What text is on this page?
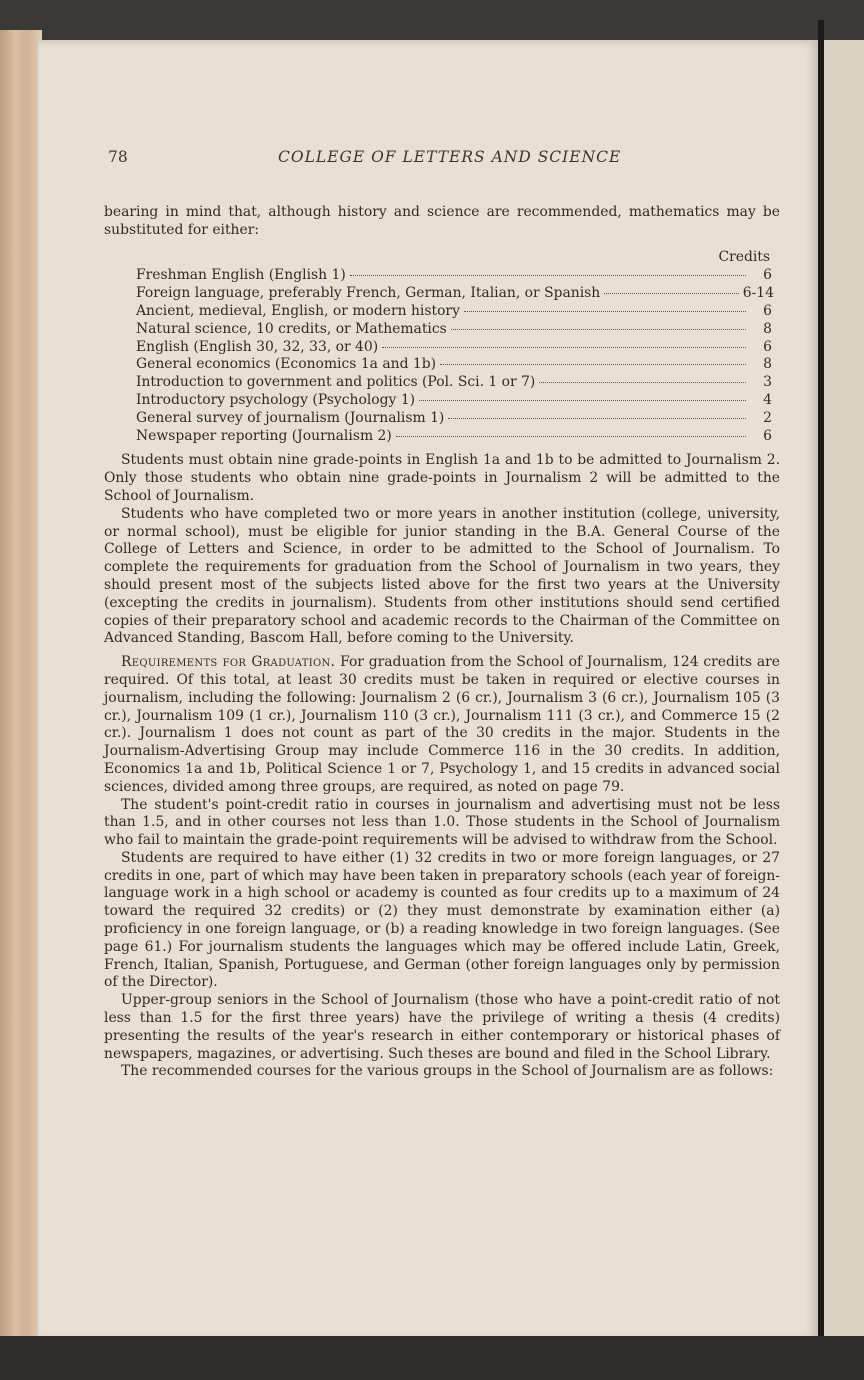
78	COLLEGE OF LETTERS AND SCIENCE

bearing in mind that, although history and science are recommended, mathematics may be substituted for either:

Credits
Freshman English (English 1)	6
Foreign language, preferably French, German, Italian, or Spanish	6-14
Ancient, medieval, English, or modern history	6
Natural science, 10 credits, or Mathematics	8
English (English 30, 32, 33, or 40)	6
General economics (Economics 1a and 1b)	8
Introduction to government and politics (Pol. Sci. 1 or 7)	3
Introductory psychology (Psychology 1)	4
General survey of journalism (Journalism 1)	2
Newspaper reporting (Journalism 2)	6

Students must obtain nine grade-points in English 1a and 1b to be admitted to Journalism 2. Only those students who obtain nine grade-points in Journalism 2 will be admitted to the School of Journalism.

Students who have completed two or more years in another institution (college, university, or normal school), must be eligible for junior standing in the B.A. General Course of the College of Letters and Science, in order to be admitted to the School of Journalism. To complete the requirements for graduation from the School of Journalism in two years, they should present most of the subjects listed above for the first two years at the University (excepting the credits in journalism). Students from other institutions should send certified copies of their preparatory school and academic records to the Chairman of the Committee on Advanced Standing, Bascom Hall, before coming to the University.

Requirements for Graduation. For graduation from the School of Journalism, 124 credits are required. Of this total, at least 30 credits must be taken in required or elective courses in journalism, including the following: Journalism 2 (6 cr.), Journalism 3 (6 cr.), Journalism 105 (3 cr.), Journalism 109 (1 cr.), Journalism 110 (3 cr.), Journalism 111 (3 cr.), and Commerce 15 (2 cr.). Journalism 1 does not count as part of the 30 credits in the major. Students in the Journalism-Advertising Group may include Commerce 116 in the 30 credits. In addition, Economics 1a and 1b, Political Science 1 or 7, Psychology 1, and 15 credits in advanced social sciences, divided among three groups, are required, as noted on page 79.

The student's point-credit ratio in courses in journalism and advertising must not be less than 1.5, and in other courses not less than 1.0. Those students in the School of Journalism who fail to maintain the grade-point requirements will be advised to withdraw from the School.

Students are required to have either (1) 32 credits in two or more foreign languages, or 27 credits in one, part of which may have been taken in preparatory schools (each year of foreign-language work in a high school or academy is counted as four credits up to a maximum of 24 toward the required 32 credits) or (2) they must demonstrate by examination either (a) proficiency in one foreign language, or (b) a reading knowledge in two foreign languages. (See page 61.) For journalism students the languages which may be offered include Latin, Greek, French, Italian, Spanish, Portuguese, and German (other foreign languages only by permission of the Director).

Upper-group seniors in the School of Journalism (those who have a point-credit ratio of not less than 1.5 for the first three years) have the privilege of writing a thesis (4 credits) presenting the results of the year's research in either contemporary or historical phases of newspapers, magazines, or advertising. Such theses are bound and filed in the School Library.

The recommended courses for the various groups in the School of Journalism are as follows:
